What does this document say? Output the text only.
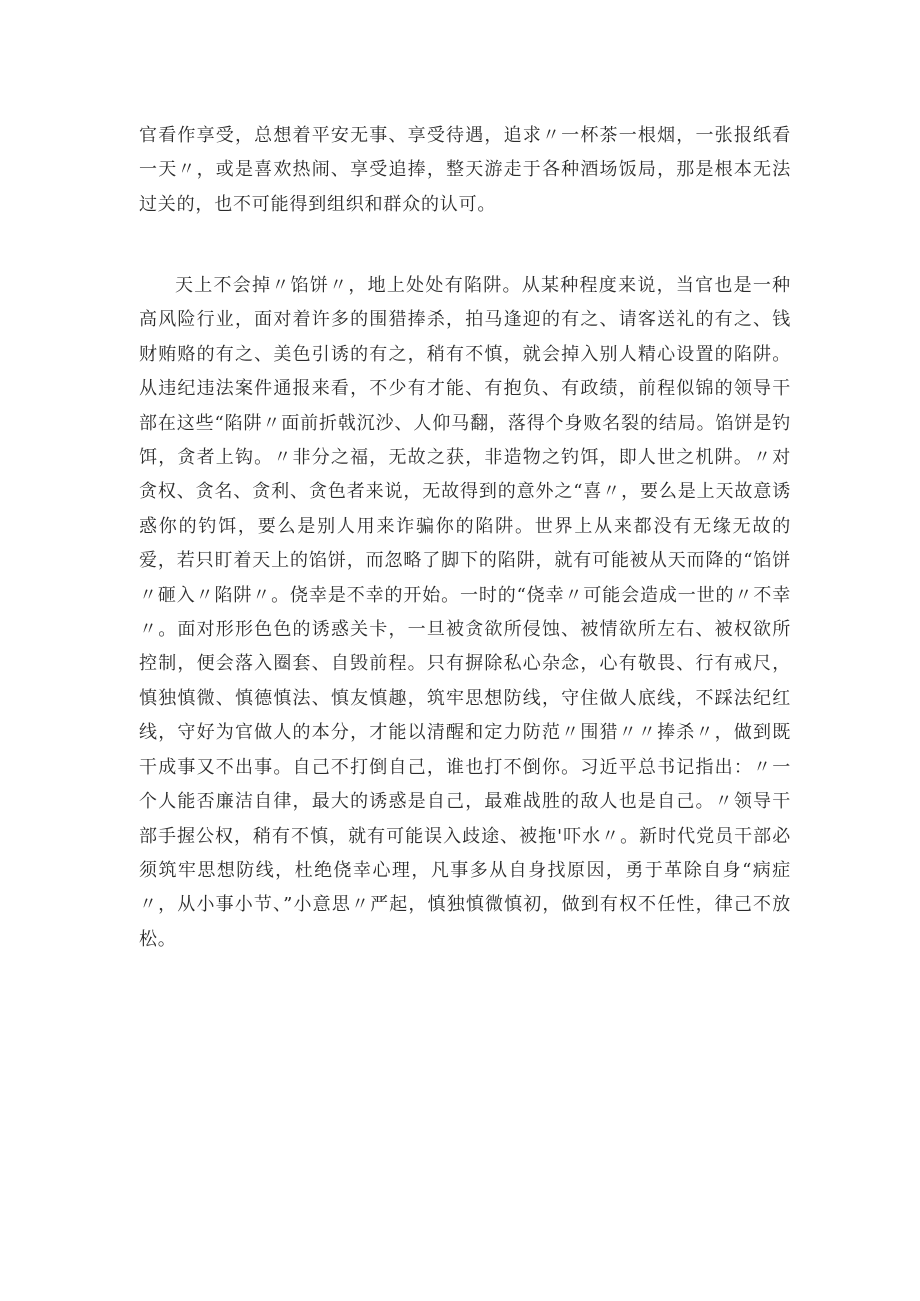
官看作享受，总想着平安无事、享受待遇，追求〃一杯茶一根烟，一张报纸看一天〃，或是喜欢热闹、享受追捧，整天游走于各种酒场饭局，那是根本无法过关的，也不可能得到组织和群众的认可。

天上不会掉〃馅饼〃，地上处处有陷阱。从某种程度来说，当官也是一种高风险行业，面对着许多的围猎捧杀，拍马逢迎的有之、请客送礼的有之、钱财贿赂的有之、美色引诱的有之，稍有不慎，就会掉入别人精心设置的陷阱。从违纪违法案件通报来看，不少有才能、有抱负、有政绩，前程似锦的领导干部在这些“陷阱〃面前折戟沉沙、人仰马翻，落得个身败名裂的结局。馅饼是钓饵，贪者上钩。〃非分之福，无故之获，非造物之钓饵，即人世之机阱。〃对贪权、贪名、贪利、贪色者来说，无故得到的意外之“喜〃，要么是上天故意诱惑你的钓饵，要么是别人用来诈骗你的陷阱。世界上从来都没有无缘无故的爱，若只盯着天上的馅饼，而忽略了脚下的陷阱，就有可能被从天而降的“馅饼〃砸入〃陷阱〃。侥幸是不幸的开始。一时的“侥幸〃可能会造成一世的〃不幸〃。面对形形色色的诱惑关卡，一旦被贪欲所侵蚀、被情欲所左右、被权欲所控制，便会落入圈套、自毁前程。只有摒除私心杂念，心有敬畏、行有戒尺，慎独慎微、慎德慎法、慎友慎趣，筑牢思想防线，守住做人底线，不踩法纪红线，守好为官做人的本分，才能以清醒和定力防范〃围猎〃〃捧杀〃，做到既干成事又不出事。自己不打倒自己，谁也打不倒你。习近平总书记指出：〃一个人能否廉洁自律，最大的诱惑是自己，最难战胜的敌人也是自己。〃领导干部手握公权，稍有不慎，就有可能误入歧途、被拖'吓水〃。新时代党员干部必须筑牢思想防线，杜绝侥幸心理，凡事多从自身找原因，勇于革除自身“病症〃，从小事小节、”小意思〃严起，慎独慎微慎初，做到有权不任性，律己不放松。
